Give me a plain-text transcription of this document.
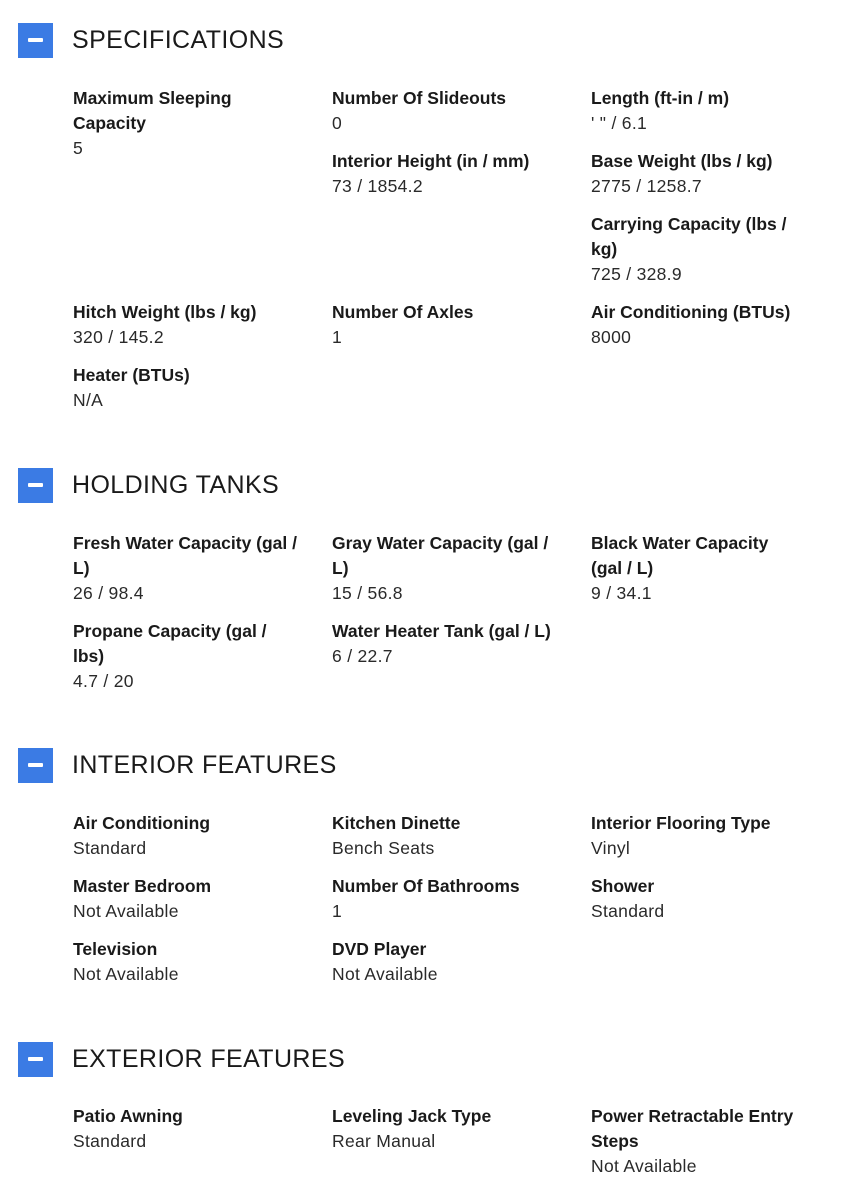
SPECIFICATIONS
Maximum Sleeping Capacity
5
Number Of Slideouts
0
Interior Height (in / mm)
73 / 1854.2
Length (ft-in / m)
' " / 6.1
Base Weight (lbs / kg)
2775 / 1258.7
Carrying Capacity (lbs / kg)
725 / 328.9
Hitch Weight (lbs / kg)
320 / 145.2
Heater (BTUs)
N/A
Number Of Axles
1
Air Conditioning (BTUs)
8000
HOLDING TANKS
Fresh Water Capacity (gal / L)
26 / 98.4
Propane Capacity (gal / lbs)
4.7 / 20
Gray Water Capacity (gal / L)
15 / 56.8
Water Heater Tank (gal / L)
6 / 22.7
Black Water Capacity (gal / L)
9 / 34.1
INTERIOR FEATURES
Air Conditioning
Standard
Master Bedroom
Not Available
Television
Not Available
Kitchen Dinette
Bench Seats
Number Of Bathrooms
1
DVD Player
Not Available
Interior Flooring Type
Vinyl
Shower
Standard
EXTERIOR FEATURES
Patio Awning
Standard
Leveling Jack Type
Rear Manual
Power Retractable Entry Steps
Not Available
